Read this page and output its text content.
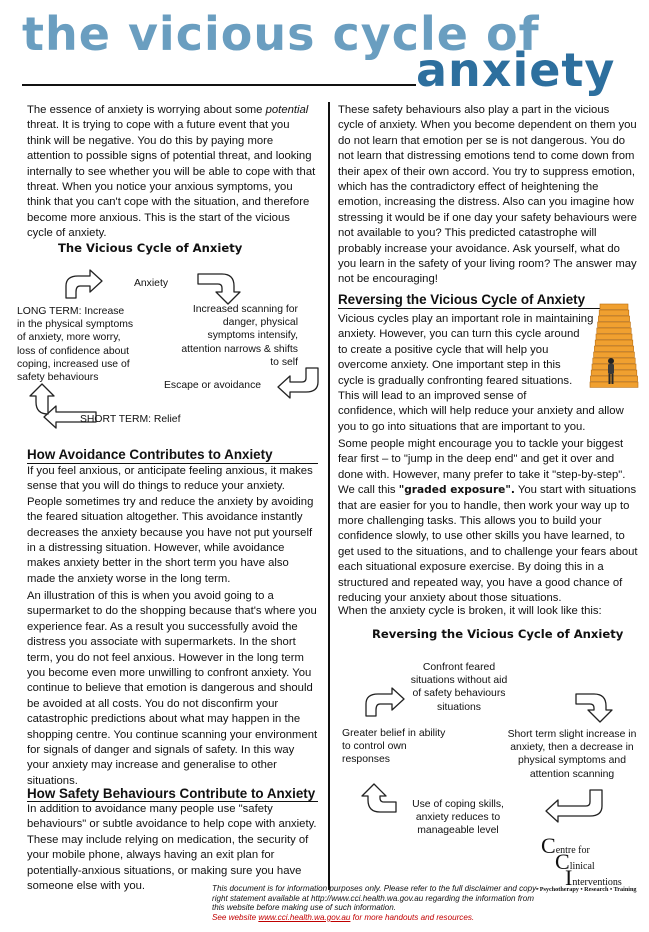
the vicious cycle of
anxiety

The essence of anxiety is worrying about some potential threat. It is trying to cope with a future event that you think will be negative. You do this by paying more attention to possible signs of potential threat, and looking internally to see whether you will be able to cope with that threat. When you notice your anxious symptoms, you think that you can't cope with the situation, and therefore become more anxious. This is the start of the vicious cycle of anxiety.

The Vicious Cycle of Anxiety
Anxiety
Increased scanning for danger, physical symptoms intensify, attention narrows & shifts to self
Escape or avoidance
SHORT TERM: Relief
LONG TERM: Increase in the physical symptoms of anxiety, more worry, loss of confidence about coping, increased use of safety behaviours
How Avoidance Contributes to Anxiety

If you feel anxious, or anticipate feeling anxious, it makes sense that you will do things to reduce your anxiety. People sometimes try and reduce the anxiety by avoiding the feared situation altogether. This avoidance instantly decreases the anxiety because you have not put yourself in a distressing situation. However, while avoidance makes anxiety better in the short term you have also made the anxiety worse in the long term.

An illustration of this is when you avoid going to a supermarket to do the shopping because that's where you experience fear. As a result you successfully avoid the distress you associate with supermarkets. In the short term, you do not feel anxious. However in the long term you become even more unwilling to confront anxiety. You continue to believe that emotion is dangerous and should be avoided at all costs. You do not disconfirm your catastrophic predictions about what may happen in the shopping centre. You continue scanning your environment for signals of danger and signals of safety. In this way your anxiety may increase and generalise to other situations.

How Safety Behaviours Contribute to Anxiety

In addition to avoidance many people use "safety behaviours" or subtle avoidance to help cope with anxiety. These may include relying on medication, the security of your mobile phone, always having an exit plan for potentially-anxious situations, or making sure you have someone else with you.

These safety behaviours also play a part in the vicious cycle of anxiety. When you become dependent on them you do not learn that emotion per se is not dangerous. You do not learn that distressing emotions tend to come down from their apex of their own accord. You try to suppress emotion, which has the contradictory effect of heightening the emotion, increasing the distress. Also can you imagine how stressing it would be if one day your safety behaviours were not available to you? This predicted catastrophe will probably increase your avoidance. Ask yourself, what do you learn in the safety of your living room? The answer may not be encouraging!

Reversing the Vicious Cycle of Anxiety

Vicious cycles play an important role in maintaining
anxiety. However, you can turn this cycle around
to create a positive cycle that will help you
overcome anxiety. One important step in this
cycle is gradually confronting feared situations.
This will lead to an improved sense of

confidence, which will help reduce your anxiety and allow you to go into situations that are important to you.

Some people might encourage you to tackle your biggest fear first – to "jump in the deep end" and get it over and done with. However, many prefer to take it "step-by-step". We call this "graded exposure". You start with situations that are easier for you to handle, then work your way up to more challenging tasks. This allows you to build your confidence slowly, to use other skills you have learned, to get used to the situations, and to challenge your fears about each situational exposure exercise. By doing this in a structured and repeated way, you have a good chance of reducing your anxiety about those situations.

When the anxiety cycle is broken, it will look like this:

Reversing the Vicious Cycle of Anxiety
Confront feared situations without aid of safety behaviours situations
Short term slight increase in anxiety, then a decrease in physical symptoms and attention scanning
Use of coping skills, anxiety reduces to manageable level
Greater belief in ability to control own responses
Centre for
Clinical
Interventions
• Psychotherapy • Research • Training
This document is for information purposes only. Please refer to the full disclaimer and copy-
right statement available at http://www.cci.health.wa.gov.au regarding the information from
this website before making use of such information.
See website www.cci.health.wa.gov.au for more handouts and resources.
